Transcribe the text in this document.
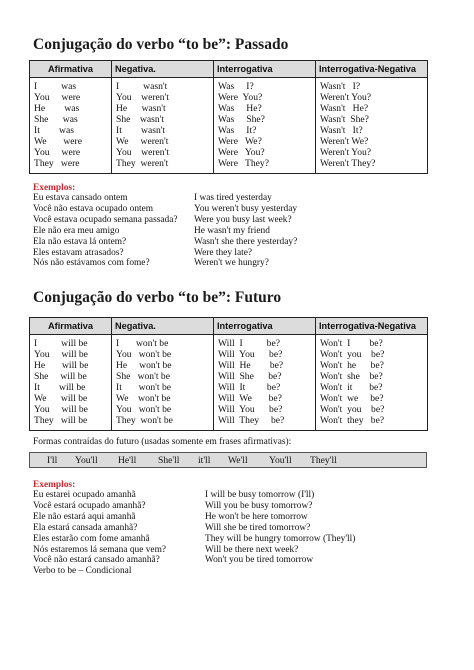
Conjugação do verbo “to be”: Passado
Afirmativa	Negativa.	Interrogativa	Interrogativa-Negativa

I          was	I          wasn't	Was     I?	Wasn't   I?
You     were	You    weren't	Were  You?	Weren't You?
He        was	He      wasn't	Was     He?	Wasn't   He?
She      was	She    wasn't	Was     She?	Wasn't  She?
It        was	It        wasn't	Was     It?	Wasn't   It?
We       were	We     weren't	Were   We?	Weren't We?
You     were	You    weren't	Were   You?	Weren't You?
They   were	They  weren't	Were   They?	Weren't They?
Exemplos:
Eu estava cansado ontem
Você não estava ocupado ontem
Você estava ocupado semana passada?
Ele não era meu amigo
Ela não estava lá ontem?
Eles estavam atrasados?
Nós não estávamos com fome?
I was tired yesterday
You weren't busy yesterday
Were you busy last week?
He wasn't my friend
Wasn't she there yesterday?
Were they late?
Weren't we hungry?
Conjugação do verbo “to be”: Futuro
Afirmativa	Negativa.	Interrogativa	Interrogativa-Negativa

I          will be	I       won't be	Will  I          be?	Won't  I        be?
You     will be	You   won't be	Will  You      be?	Won't  you    be?
He       will be	He     won't be	Will  He        be?	Won't  he      be?
She     will be	She   won't be	Will  She      be?	Won't  she    be?
It        will be	It       won't be	Will  It         be?	Won't  it       be?
We      will be	We    won't be	Will  We       be?	Won't  we     be?
You     will be	You   won't be	Will  You      be?	Won't  you    be?
They   will be	They  won't be	Will  They     be?	Won't  they   be?
Formas contraídas do futuro (usadas somente em frases afirmativas):
I'll You'll He'll She'll it'll We'll You'll They'll
Exemplos:
Eu estarei ocupado amanhã
Você estará ocupado amanhã?
Ele não estará aqui amanhã
Ela estará cansada amanhã?
Eles estarão com fome amanhã
Nós estaremos lá semana que vem?
Você não estará cansado amanhã?
Verbo to be – Condicional
I will be busy tomorrow (I'll)
Will you be busy tomorrow?
He won't be here tomorrow
Will she be tired tomorrow?
They will be hungry tomorrow (They'll)
Will be there next week?
Won't you be tired tomorrow
